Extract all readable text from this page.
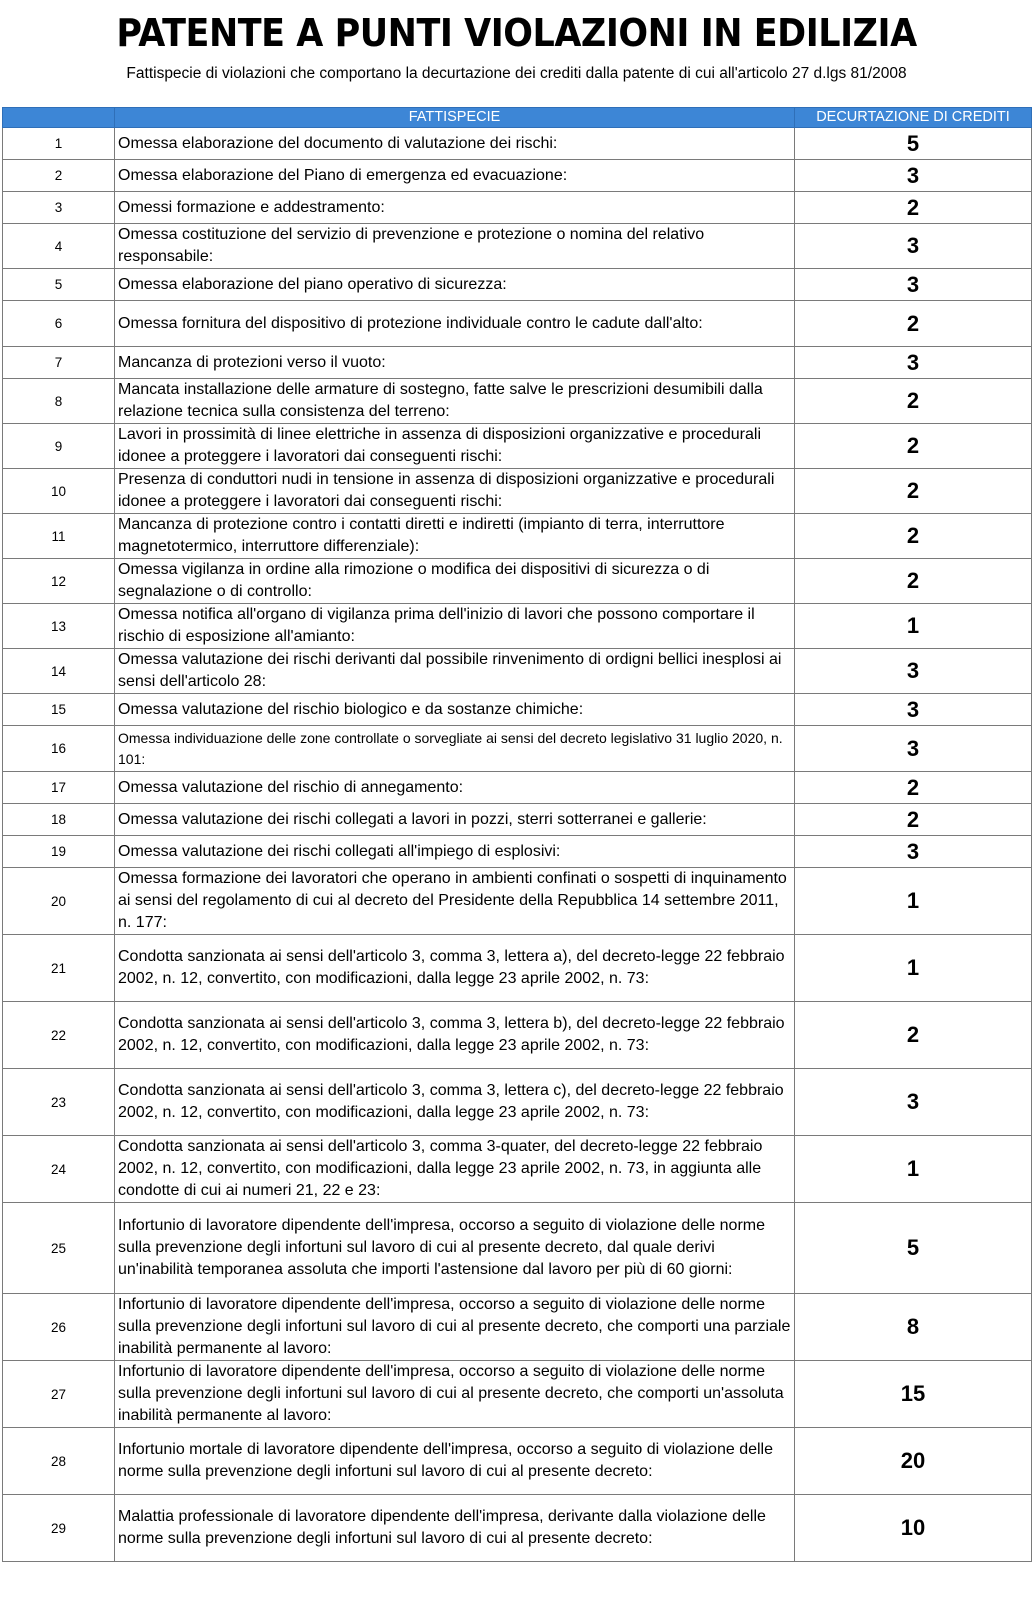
PATENTE A PUNTI VIOLAZIONI IN EDILIZIA
Fattispecie di violazioni che comportano la decurtazione dei crediti dalla patente di cui all'articolo 27 d.lgs 81/2008
	FATTISPECIE	DECURTAZIONE DI CREDITI
1	Omessa elaborazione del documento di valutazione dei rischi:	5
2	Omessa elaborazione del Piano di emergenza ed evacuazione:	3
3	Omessi formazione e addestramento:	2
4	Omessa costituzione del servizio di prevenzione e protezione o nomina del relativo responsabile:	3
5	Omessa elaborazione del piano operativo di sicurezza:	3
6	Omessa fornitura del dispositivo di protezione individuale contro le cadute dall'alto:	2
7	Mancanza di protezioni verso il vuoto:	3
8	Mancata installazione delle armature di sostegno, fatte salve le prescrizioni desumibili dalla relazione tecnica sulla consistenza del terreno:	2
9	Lavori in prossimità di linee elettriche in assenza di disposizioni organizzative e procedurali idonee a proteggere i lavoratori dai conseguenti rischi:	2
10	Presenza di conduttori nudi in tensione in assenza di disposizioni organizzative e procedurali idonee a proteggere i lavoratori dai conseguenti rischi:	2
11	Mancanza di protezione contro i contatti diretti e indiretti (impianto di terra, interruttore magnetotermico, interruttore differenziale):	2
12	Omessa vigilanza in ordine alla rimozione o modifica dei dispositivi di sicurezza o di segnalazione o di controllo:	2
13	Omessa notifica all'organo di vigilanza prima dell'inizio di lavori che possono comportare il rischio di esposizione all'amianto:	1
14	Omessa valutazione dei rischi derivanti dal possibile rinvenimento di ordigni bellici inesplosi ai sensi dell'articolo 28:	3
15	Omessa valutazione del rischio biologico e da sostanze chimiche:	3
16	Omessa individuazione delle zone controllate o sorvegliate ai sensi del decreto legislativo 31 luglio 2020, n. 101:	3
17	Omessa valutazione del rischio di annegamento:	2
18	Omessa valutazione dei rischi collegati a lavori in pozzi, sterri sotterranei e gallerie:	2
19	Omessa valutazione dei rischi collegati all'impiego di esplosivi:	3
20	Omessa formazione dei lavoratori che operano in ambienti confinati o sospetti di inquinamento ai sensi del regolamento di cui al decreto del Presidente della Repubblica 14 settembre 2011, n. 177:	1
21	Condotta sanzionata ai sensi dell'articolo 3, comma 3, lettera a), del decreto-legge 22 febbraio 2002, n. 12, convertito, con modificazioni, dalla legge 23 aprile 2002, n. 73:	1
22	Condotta sanzionata ai sensi dell'articolo 3, comma 3, lettera b), del decreto-legge 22 febbraio 2002, n. 12, convertito, con modificazioni, dalla legge 23 aprile 2002, n. 73:	2
23	Condotta sanzionata ai sensi dell'articolo 3, comma 3, lettera c), del decreto-legge 22 febbraio 2002, n. 12, convertito, con modificazioni, dalla legge 23 aprile 2002, n. 73:	3
24	Condotta sanzionata ai sensi dell'articolo 3, comma 3-quater, del decreto-legge 22 febbraio 2002, n. 12, convertito, con modificazioni, dalla legge 23 aprile 2002, n. 73, in aggiunta alle condotte di cui ai numeri 21, 22 e 23:	1
25	Infortunio di lavoratore dipendente dell'impresa, occorso a seguito di violazione delle norme sulla prevenzione degli infortuni sul lavoro di cui al presente decreto, dal quale derivi un'inabilità temporanea assoluta che importi l'astensione dal lavoro per più di 60 giorni:	5
26	Infortunio di lavoratore dipendente dell'impresa, occorso a seguito di violazione delle norme sulla prevenzione degli infortuni sul lavoro di cui al presente decreto, che comporti una parziale inabilità permanente al lavoro:	8
27	Infortunio di lavoratore dipendente dell'impresa, occorso a seguito di violazione delle norme sulla prevenzione degli infortuni sul lavoro di cui al presente decreto, che comporti un'assoluta inabilità permanente al lavoro:	15
28	Infortunio mortale di lavoratore dipendente dell'impresa, occorso a seguito di violazione delle norme sulla prevenzione degli infortuni sul lavoro di cui al presente decreto:	20
29	Malattia professionale di lavoratore dipendente dell'impresa, derivante dalla violazione delle norme sulla prevenzione degli infortuni sul lavoro di cui al presente decreto:	10
